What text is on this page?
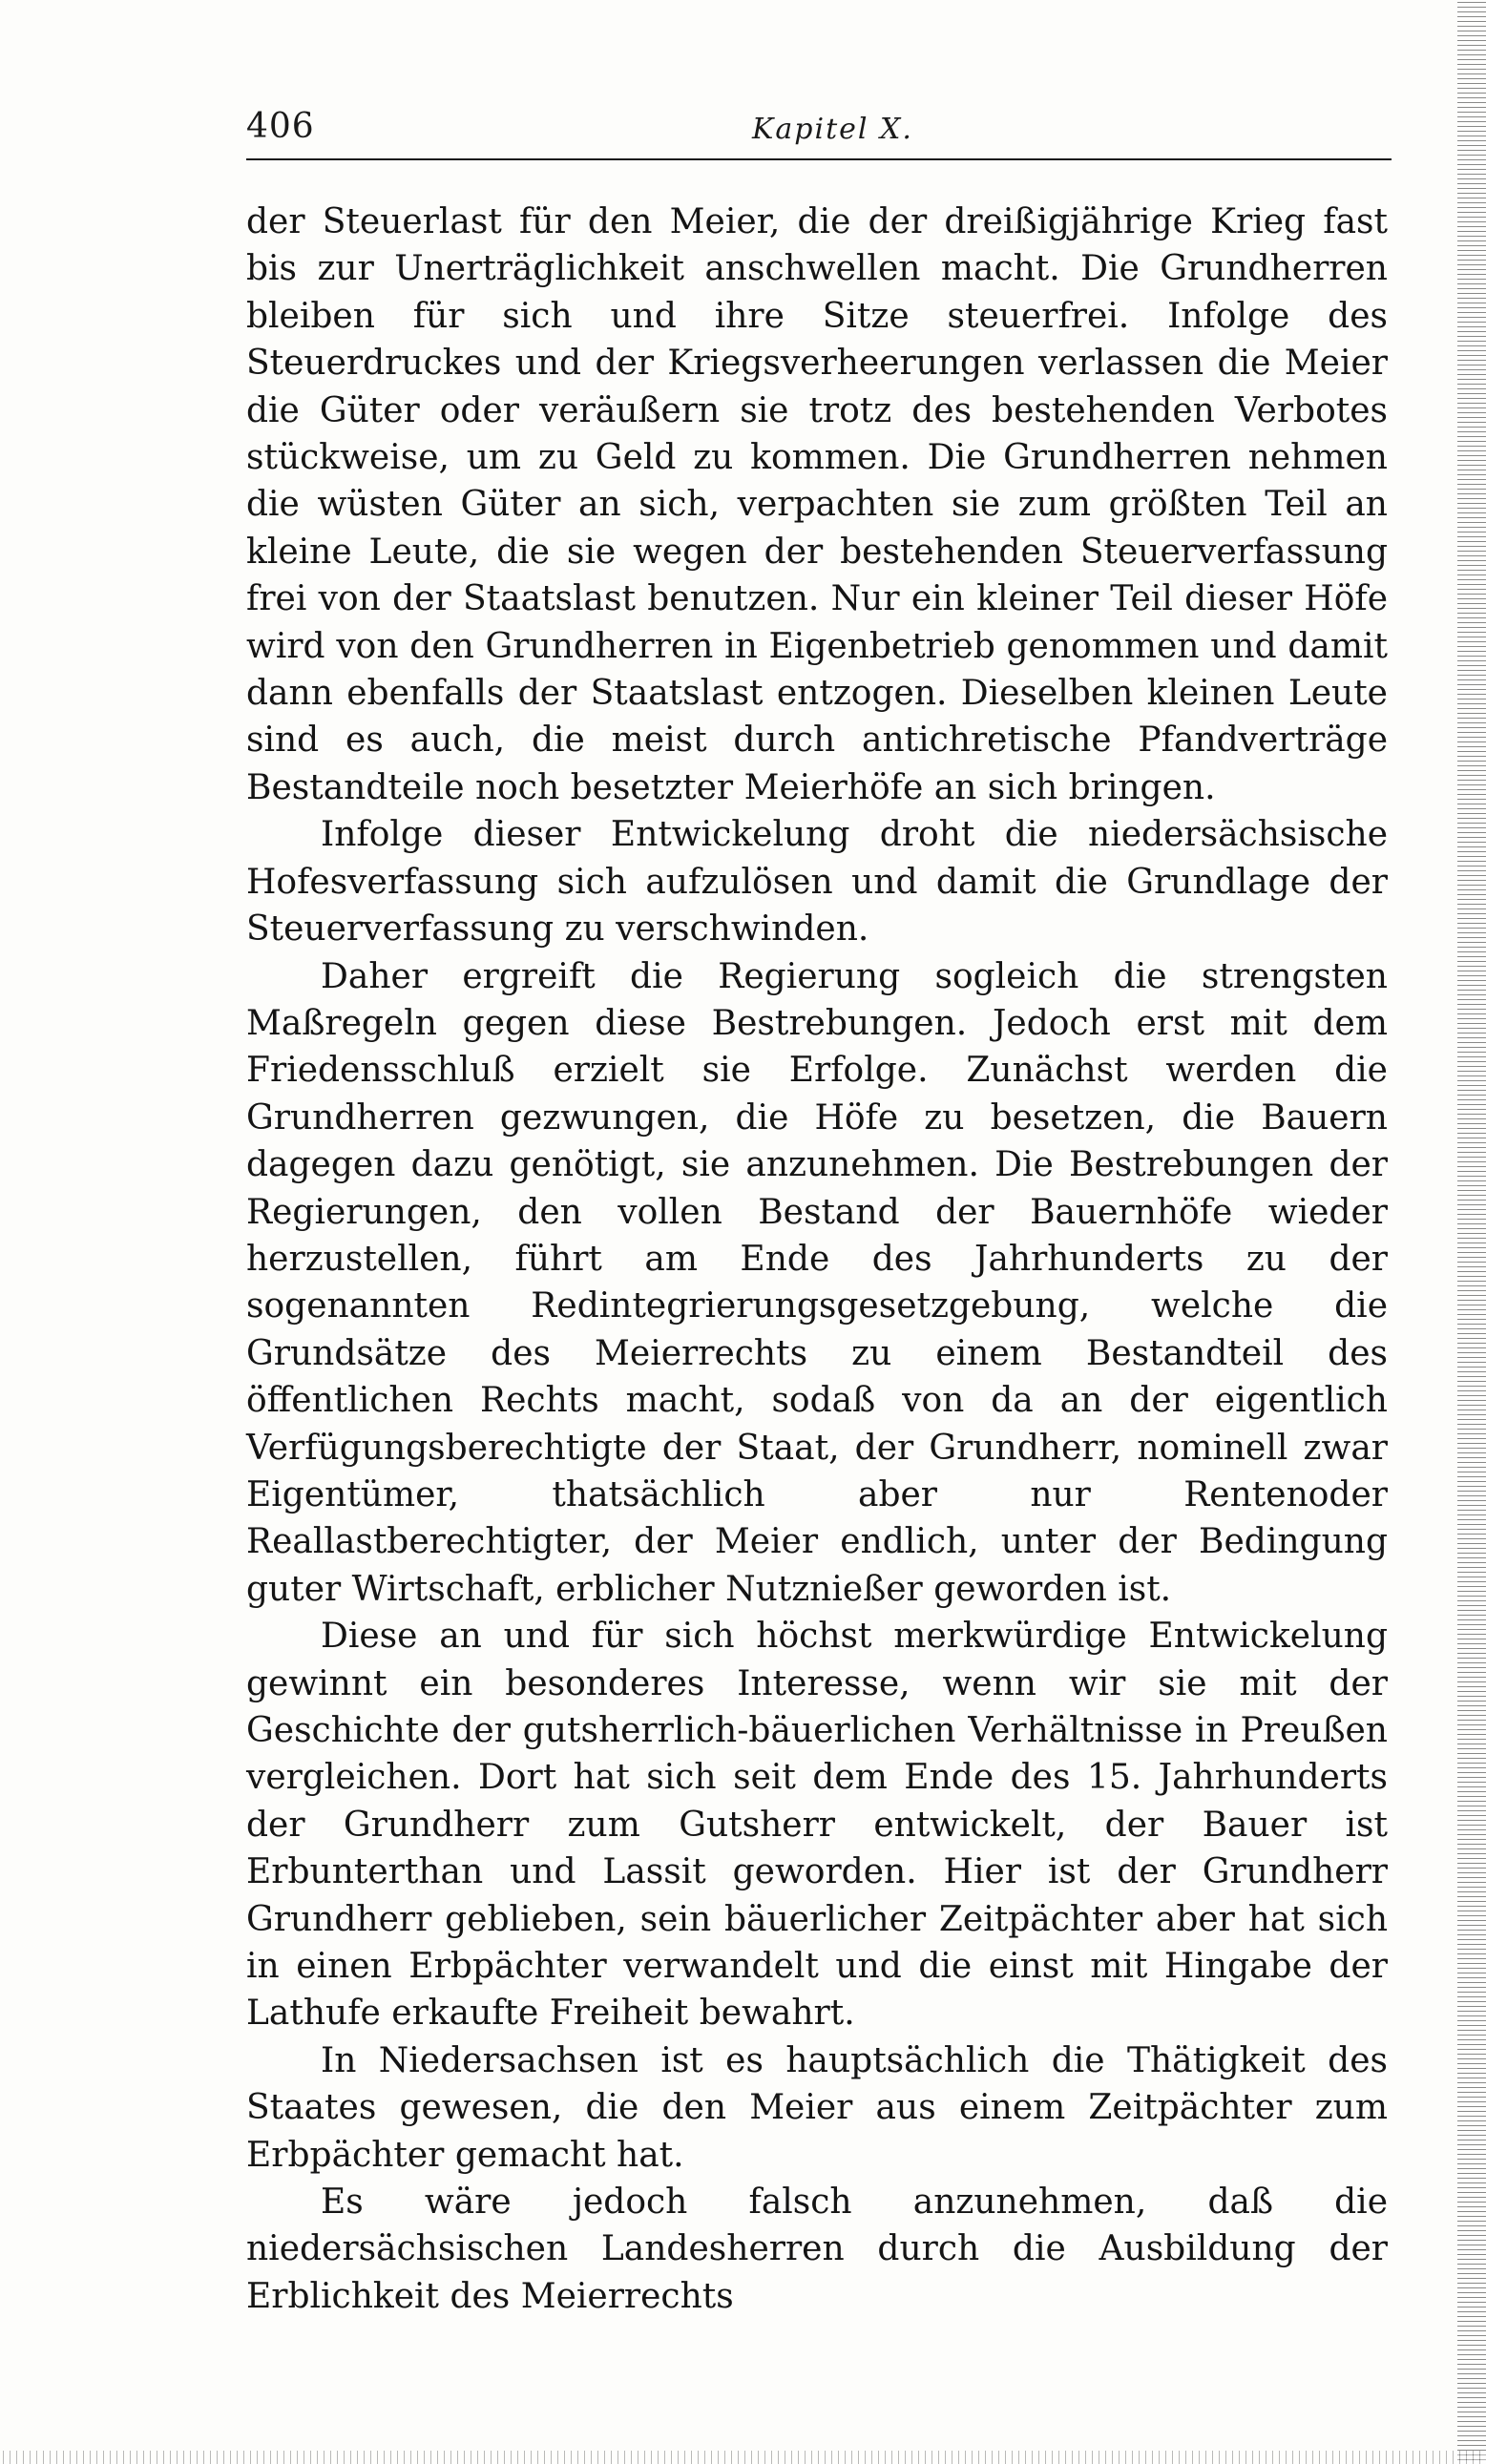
406	Kapitel X.

der Steuerlast für den Meier, die der dreißigjährige Krieg fast bis zur Unerträglichkeit anschwellen macht. Die Grundherren bleiben für sich und ihre Sitze steuerfrei. Infolge des Steuerdruckes und der Kriegsverheerungen verlassen die Meier die Güter oder veräußern sie trotz des bestehenden Verbotes stückweise, um zu Geld zu kommen. Die Grundherren nehmen die wüsten Güter an sich, verpachten sie zum größten Teil an kleine Leute, die sie wegen der bestehenden Steuerverfassung frei von der Staatslast benutzen. Nur ein kleiner Teil dieser Höfe wird von den Grundherren in Eigenbetrieb genommen und damit dann ebenfalls der Staatslast entzogen. Dieselben kleinen Leute sind es auch, die meist durch antichretische Pfandverträge Bestandteile noch besetzter Meierhöfe an sich bringen.

Infolge dieser Entwickelung droht die niedersächsische Hofesverfassung sich aufzulösen und damit die Grundlage der Steuerverfassung zu verschwinden.

Daher ergreift die Regierung sogleich die strengsten Maßregeln gegen diese Bestrebungen. Jedoch erst mit dem Friedensschluß erzielt sie Erfolge. Zunächst werden die Grundherren gezwungen, die Höfe zu besetzen, die Bauern dagegen dazu genötigt, sie anzunehmen. Die Bestrebungen der Regierungen, den vollen Bestand der Bauernhöfe wieder herzustellen, führt am Ende des Jahrhunderts zu der sogenannten Redintegrierungsgesetzgebung, welche die Grundsätze des Meierrechts zu einem Bestandteil des öffentlichen Rechts macht, sodaß von da an der eigentlich Verfügungsberechtigte der Staat, der Grundherr, nominell zwar Eigentümer, thatsächlich aber nur Rentenoder Reallastberechtigter, der Meier endlich, unter der Bedingung guter Wirtschaft, erblicher Nutznießer geworden ist.

Diese an und für sich höchst merkwürdige Entwickelung gewinnt ein besonderes Interesse, wenn wir sie mit der Geschichte der gutsherrlich-bäuerlichen Verhältnisse in Preußen vergleichen. Dort hat sich seit dem Ende des 15. Jahrhunderts der Grundherr zum Gutsherr entwickelt, der Bauer ist Erbunterthan und Lassit geworden. Hier ist der Grundherr Grundherr geblieben, sein bäuerlicher Zeitpächter aber hat sich in einen Erbpächter verwandelt und die einst mit Hingabe der Lathufe erkaufte Freiheit bewahrt.

In Niedersachsen ist es hauptsächlich die Thätigkeit des Staates gewesen, die den Meier aus einem Zeitpächter zum Erbpächter gemacht hat.

Es wäre jedoch falsch anzunehmen, daß die niedersächsischen Landesherren durch die Ausbildung der Erblichkeit des Meierrechts
